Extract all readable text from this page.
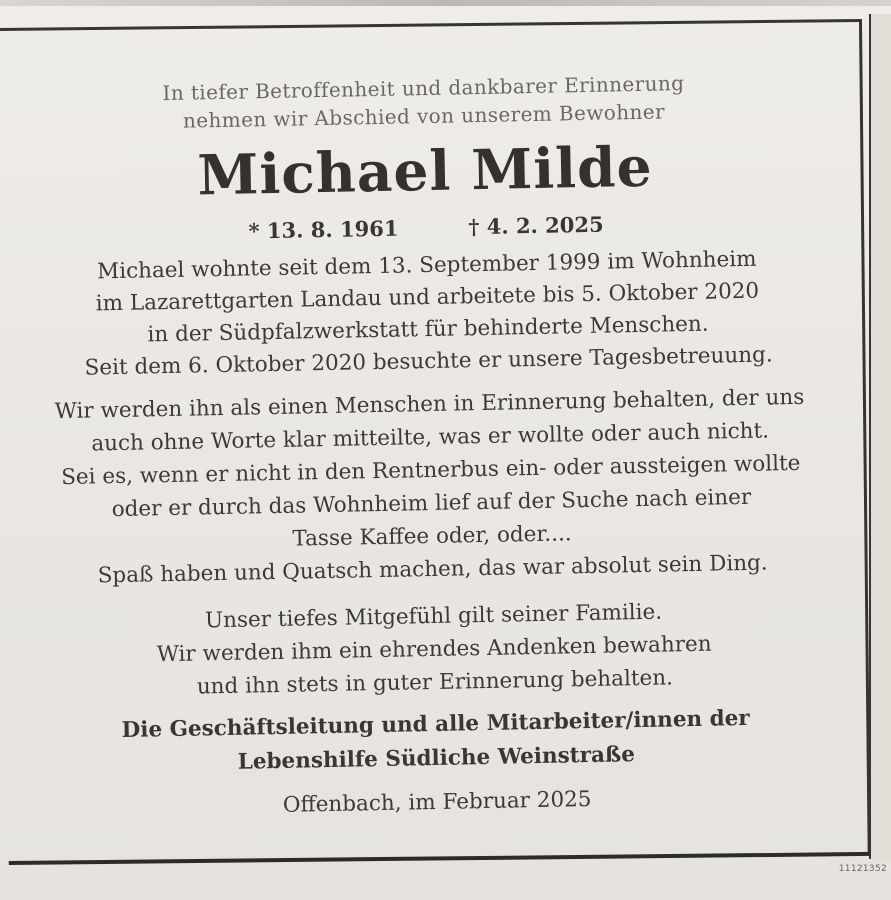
In tiefer Betroffenheit und dankbarer Erinnerung
nehmen wir Abschied von unserem Bewohner
Michael Milde
* 13. 8. 1961	† 4. 2. 2025
Michael wohnte seit dem 13. September 1999 im Wohnheim
im Lazarettgarten Landau und arbeitete bis 5. Oktober 2020
in der Südpfalzwerkstatt für behinderte Menschen.
Seit dem 6. Oktober 2020 besuchte er unsere Tagesbetreuung.
Wir werden ihn als einen Menschen in Erinnerung behalten, der uns
auch ohne Worte klar mitteilte, was er wollte oder auch nicht.
Sei es, wenn er nicht in den Rentnerbus ein- oder aussteigen wollte
oder er durch das Wohnheim lief auf der Suche nach einer
Tasse Kaffee oder, oder....
Spaß haben und Quatsch machen, das war absolut sein Ding.
Unser tiefes Mitgefühl gilt seiner Familie.
Wir werden ihm ein ehrendes Andenken bewahren
und ihn stets in guter Erinnerung behalten.
Die Geschäftsleitung und alle Mitarbeiter/innen der
Lebenshilfe Südliche Weinstraße
Offenbach, im Februar 2025
11121352
